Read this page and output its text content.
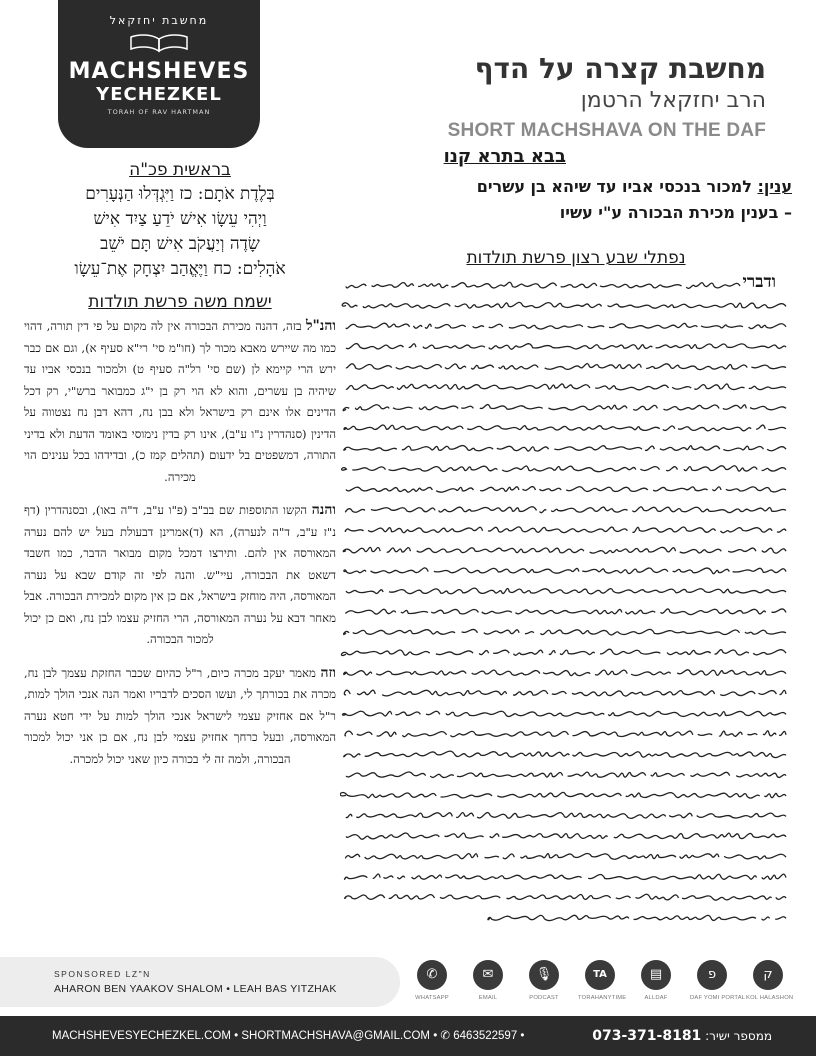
מחשבת יחזקאל
MACHSHEVES
YECHEZKEL
TORAH OF RAV HARTMAN
מחשבת קצרה על הדף
הרב יחזקאל הרטמן
SHORT MACHSHAVA ON THE DAF
בבא בתרא קנו
ענין: למכור בנכסי אביו עד שיהא בן עשרים
– בענין מכירת הבכורה ע"י עשיו
בראשית פכ"ה
בְּלֶדֶת אֹתָם: כז וַיִּגְדְּלוּ הַנְּעָרִים
וַיְהִי עֵשָׂו אִישׁ יֹדֵעַ צַיִד אִישׁ
שָׂדֶה וְיַעֲקֹב אִישׁ תָּם יֹשֵׁב
אֹהָלִים: כח וַיֶּאֱהַב יִצְחָק אֶת־עֵשָׂו
ישמח משה פרשת תולדות
והנ"ל בזה, דהנה מכירת הבכורה אין לה מקום על פי דין תורה, דהוי כמו מה שיירש מאבא מכור לך (חו"מ סי' רי"א סעיף א), וגם אם כבר ירש הרי קיימא לן (שם סי' רל"ה סעיף ט) ולמכור בנכסי אביו עד שיהיה בן עשרים, והוא לא הוי רק בן י"ג כמבואר ברש"י, רק דכל הדינים אלו אינם רק בישראל ולא בבן נח, דהא דבן נח נצטווה על הדינין (סנהדרין נ"ו ע"ב), אינו רק בדין נימוסי באומד הדעת ולא בדיני התורה, דמשפטים בל ידעום (תהלים קמז כ), ובדידהו בכל ענינים הוי מכירה.
והנה הקשו התוספות שם בב"ב (פ"ו ע"ב, ד"ה באו), ובסנהדרין (דף נ"ז ע"ב, ד"ה לנערה), הא (ד)אמרינן דבעולת בעל יש להם נערה המאורסה אין להם. ותירצו דמכל מקום מבואר הדבר, כמו חשבד דשאט את הבכורה, עיי"ש. והנה לפי זה קודם שבא על נערה המאורסה, היה מוחזק בישראל, אם כן אין מקום למכירת הבכורה. אבל מאחר דבא על נערה המאורסה, הרי החזיק עצמו לבן נח, ואם כן יכול למכור הבכורה.
וזה מאמר יעקב מכרה כיום, ר"ל כהיום שכבר החזקת עצמך לבן נח, מכרה את בכורתך לי, ועשו הסכים לדבריו ואמר הנה אנכי הולך למות, ר"ל אם אחזיק עצמי לישראל אנכי הולך למות על ידי חטא נערה המאורסה, ובעל כרחך אחזיק עצמי לבן נח, אם כן אני יכול למכור הבכורה, ולמה זה לי בכורה כיון שאני יכול למכרה.
נפתלי שבע רצון פרשת תולדות
ודברי
SPONSORED LZ"N
AHARON BEN YAAKOV SHALOM • LEAH BAS YITZHAK
✆
WHATSAPP
✉
EMAIL
🎙
PODCAST
TA
TORAHANYTIME
▤
ALLDAF
פ
DAF YOMI PORTAL
ק
KOL HALASHON
MACHSHEVESYECHEZKEL.COM • SHORTMACHSHAVA@GMAIL.COM • ✆ 6463522597 •	ממספר ישיר: 073-371-8181
